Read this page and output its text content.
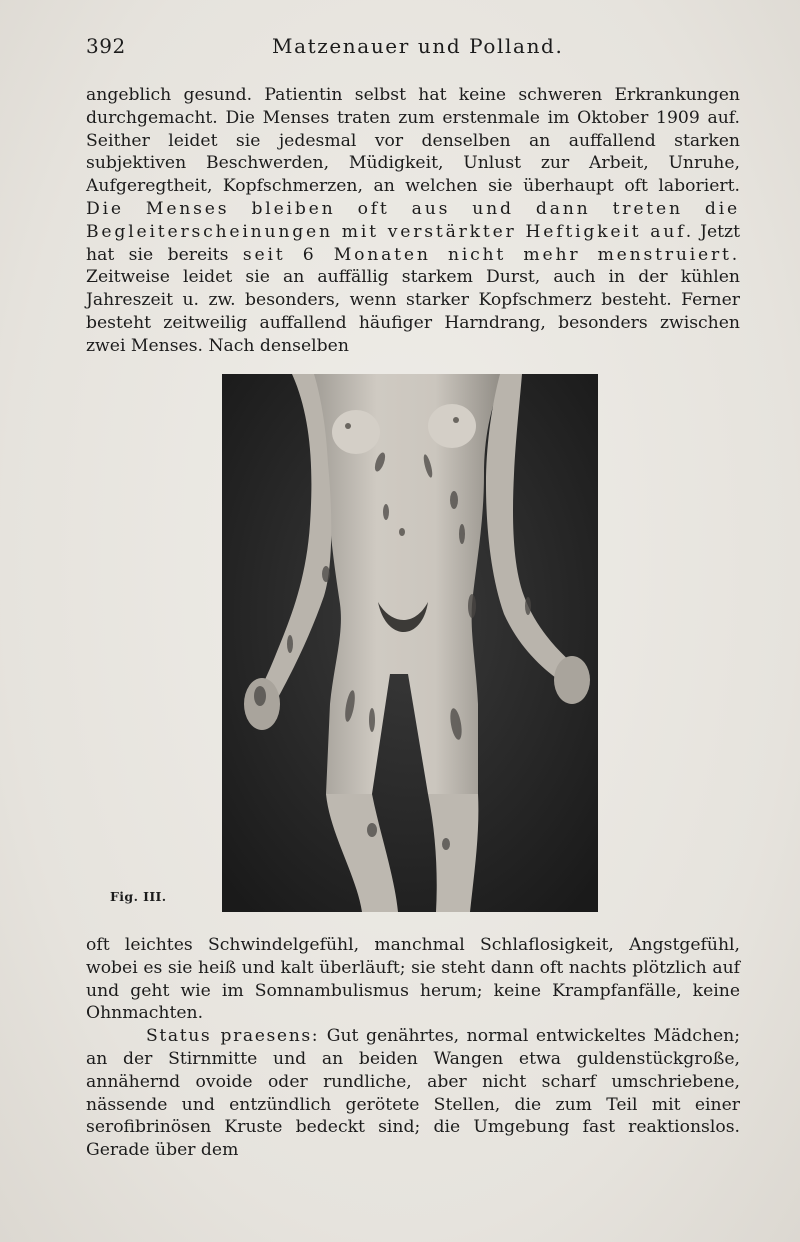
392	Matzenauer und Polland.

angeblich gesund. Patientin selbst hat keine schweren Erkrankungen durchgemacht. Die Menses traten zum erstenmale im Oktober 1909 auf. Seither leidet sie jedesmal vor denselben an auffallend starken subjektiven Beschwerden, Müdigkeit, Unlust zur Arbeit, Unruhe, Aufgeregtheit, Kopfschmerzen, an welchen sie überhaupt oft laboriert. Die Menses bleiben oft aus und dann treten die Begleiterscheinungen mit verstärkter Heftigkeit auf. Jetzt hat sie bereits seit 6 Monaten nicht mehr menstruiert. Zeitweise leidet sie an auffällig starkem Durst, auch in der kühlen Jahreszeit u. zw. besonders, wenn starker Kopfschmerz besteht. Ferner besteht zeitweilig auffallend häufiger Harndrang, besonders zwischen zwei Menses. Nach denselben

Fig. III.

oft leichtes Schwindelgefühl, manchmal Schlaflosigkeit, Angstgefühl, wobei es sie heiß und kalt überläuft; sie steht dann oft nachts plötzlich auf und geht wie im Somnambulismus herum; keine Krampfanfälle, keine Ohnmachten.

Status praesens: Gut genährtes, normal entwickeltes Mädchen; an der Stirnmitte und an beiden Wangen etwa guldenstückgroße, annähernd ovoide oder rundliche, aber nicht scharf umschriebene, nässende und entzündlich gerötete Stellen, die zum Teil mit einer serofibrinösen Kruste bedeckt sind; die Umgebung fast reaktionslos. Gerade über dem
